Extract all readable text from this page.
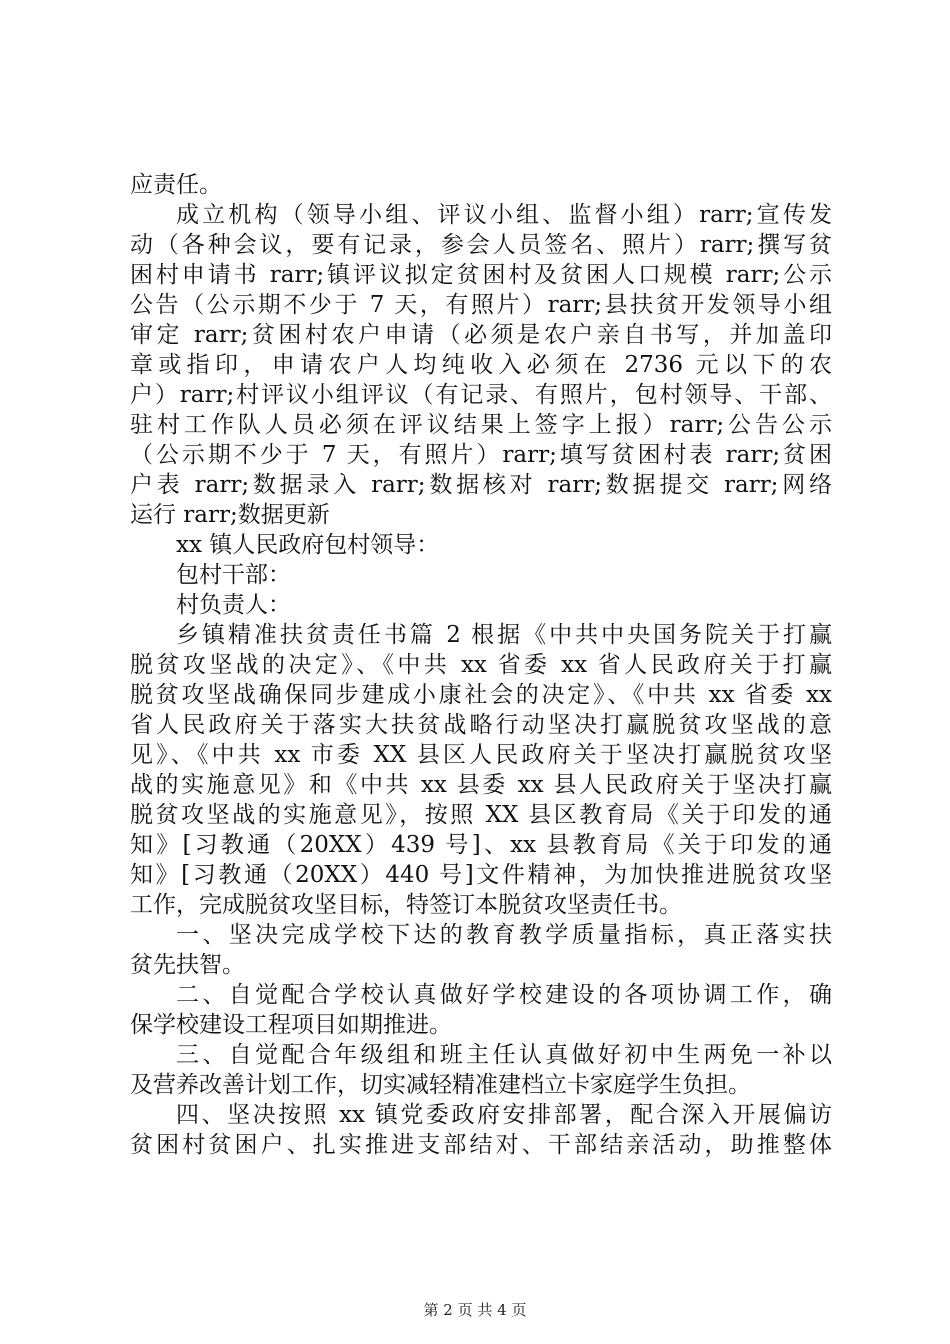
应责任。
成立机构（领导小组、评议小组、监督小组）rarr;宣传发
动（各种会议，要有记录，参会人员签名、照片）rarr;撰写贫
困村申请书 rarr;镇评议拟定贫困村及贫困人口规模 rarr;公示
公告（公示期不少于 7 天，有照片）rarr;县扶贫开发领导小组
审定 rarr;贫困村农户申请（必须是农户亲自书写，并加盖印
章或指印，申请农户人均纯收入必须在 2736 元以下的农
户）rarr;村评议小组评议（有记录、有照片，包村领导、干部、
驻村工作队人员必须在评议结果上签字上报）rarr;公告公示
（公示期不少于 7 天，有照片）rarr;填写贫困村表 rarr;贫困
户表 rarr;数据录入 rarr;数据核对 rarr;数据提交 rarr;网络
运行 rarr;数据更新
xx 镇人民政府包村领导：
包村干部：
村负责人：
乡镇精准扶贫责任书篇 2 根据《中共中央国务院关于打赢
脱贫攻坚战的决定》、《中共 xx 省委 xx 省人民政府关于打赢
脱贫攻坚战确保同步建成小康社会的决定》、《中共 xx 省委 xx
省人民政府关于落实大扶贫战略行动坚决打赢脱贫攻坚战的意
见》、《中共 xx 市委 XX 县区人民政府关于坚决打赢脱贫攻坚
战的实施意见》和《中共 xx 县委 xx 县人民政府关于坚决打赢
脱贫攻坚战的实施意见》，按照 XX 县区教育局《关于印发的通
知》[习教通（20XX）439 号]、xx 县教育局《关于印发的通
知》[习教通（20XX）440 号]文件精神，为加快推进脱贫攻坚
工作，完成脱贫攻坚目标，特签订本脱贫攻坚责任书。
一、坚决完成学校下达的教育教学质量指标，真正落实扶
贫先扶智。
二、自觉配合学校认真做好学校建设的各项协调工作，确
保学校建设工程项目如期推进。
三、自觉配合年级组和班主任认真做好初中生两免一补以
及营养改善计划工作，切实减轻精准建档立卡家庭学生负担。
四、坚决按照 xx 镇党委政府安排部署，配合深入开展偏访
贫困村贫困户、扎实推进支部结对、干部结亲活动，助推整体
第 2 页 共 4 页
